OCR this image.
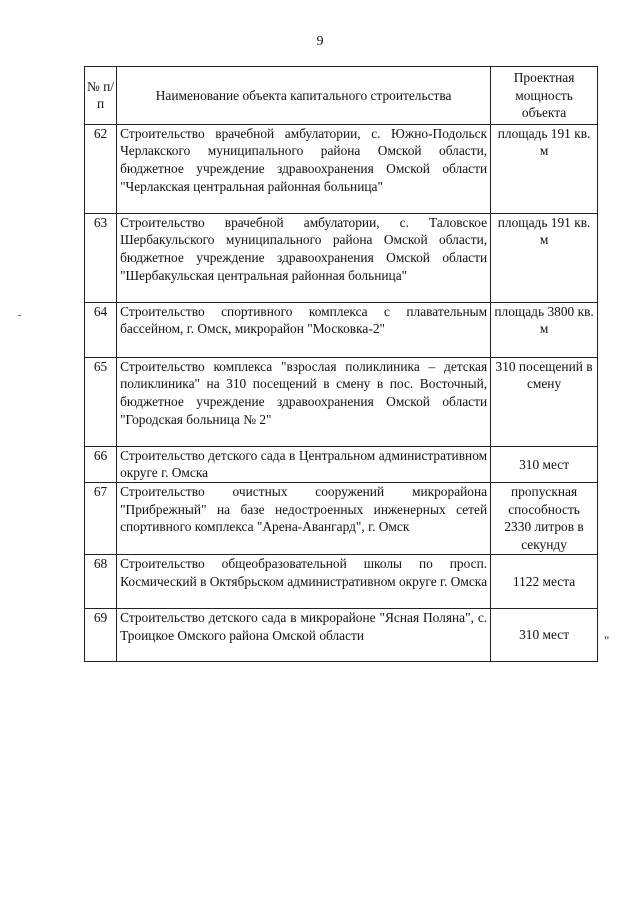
9
№ п/п	Наименование объекта капитального строительства	Проектная мощность объекта
62	Строительство врачебной амбулатории, с. Южно-Подольск Черлакского муниципального района Омской области, бюджетное учреждение здравоохранения Омской области "Черлакская центральная районная больница"	площадь 191 кв. м
63	Строительство врачебной амбулатории, с. Таловское Шербакульского муниципального района Омской области, бюджетное учреждение здравоохранения Омской области "Шербакульская центральная районная больница"	площадь 191 кв. м
64	Строительство спортивного комплекса с плавательным бассейном, г. Омск, микрорайон "Московка-2"	площадь 3800 кв. м
65	Строительство комплекса "взрослая поликлиника – детская поликлиника" на 310 посещений в смену в пос. Восточный, бюджетное учреждение здравоохранения Омской области "Городская больница № 2"	310 посещений в смену
66	Строительство детского сада в Центральном административном округе г. Омска	310 мест
67	Строительство очистных сооружений микрорайона "Прибрежный" на базе недостроенных инженерных сетей спортивного комплекса "Арена-Авангард", г. Омск	пропускная способность 2330 литров в секунду
68	Строительство общеобразовательной школы по просп. Космический в Октябрьском административном округе г. Омска	1122 места
69	Строительство детского сада в микрорайоне "Ясная Поляна", с. Троицкое Омского района Омской области	310 мест	"
